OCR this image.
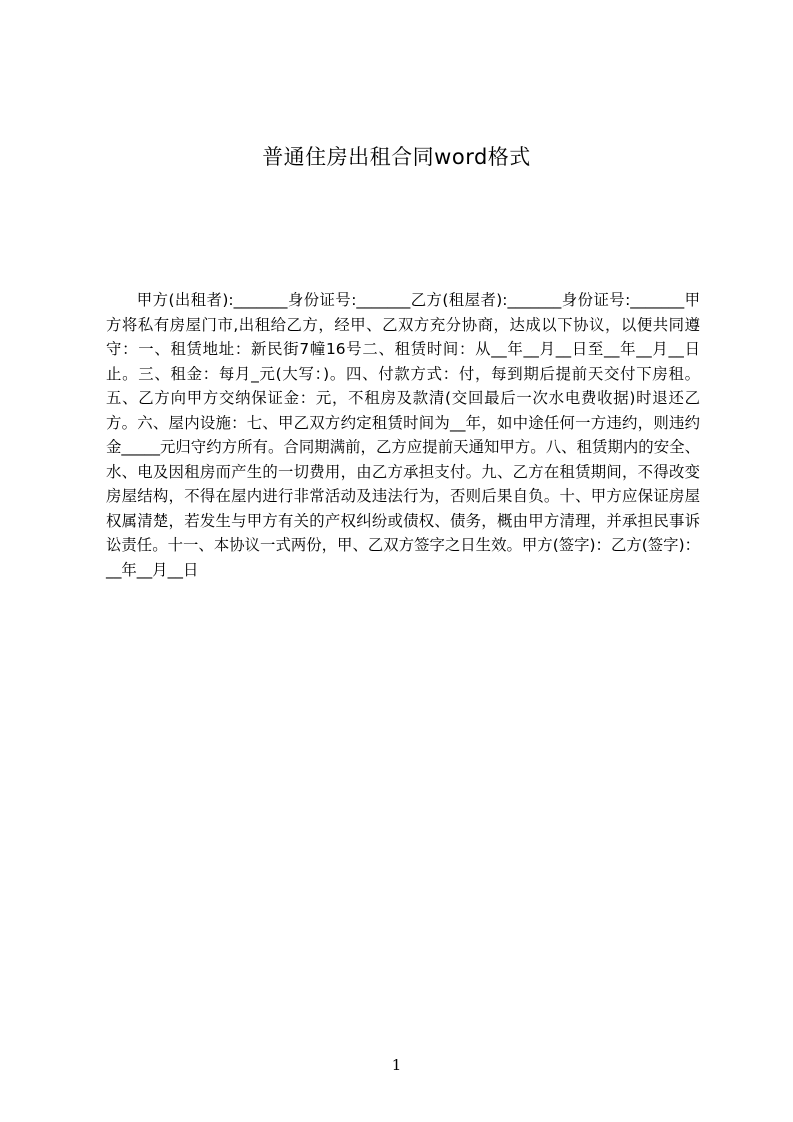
普通住房出租合同word格式

甲方(出租者):_______身份证号:_______乙方(租屋者):_______身份证号:_______甲方将私有房屋门市,出租给乙方，经甲、乙双方充分协商，达成以下协议，以便共同遵守：一、租赁地址：新民街7幢16号二、租赁时间：从__年__月__日至__年__月__日止。三、租金：每月_元(大写：)。四、付款方式：付，每到期后提前天交付下房租。五、乙方向甲方交纳保证金：元，不租房及款清(交回最后一次水电费收据)时退还乙方。六、屋内设施：七、甲乙双方约定租赁时间为__年，如中途任何一方违约，则违约金_____元归守约方所有。合同期满前，乙方应提前天通知甲方。八、租赁期内的安全、水、电及因租房而产生的一切费用，由乙方承担支付。九、乙方在租赁期间，不得改变房屋结构，不得在屋内进行非常活动及违法行为，否则后果自负。十、甲方应保证房屋权属清楚，若发生与甲方有关的产权纠纷或债权、债务，概由甲方清理，并承担民事诉讼责任。十一、本协议一式两份，甲、乙双方签字之日生效。甲方(签字)：乙方(签字)：__年__月__日

1
